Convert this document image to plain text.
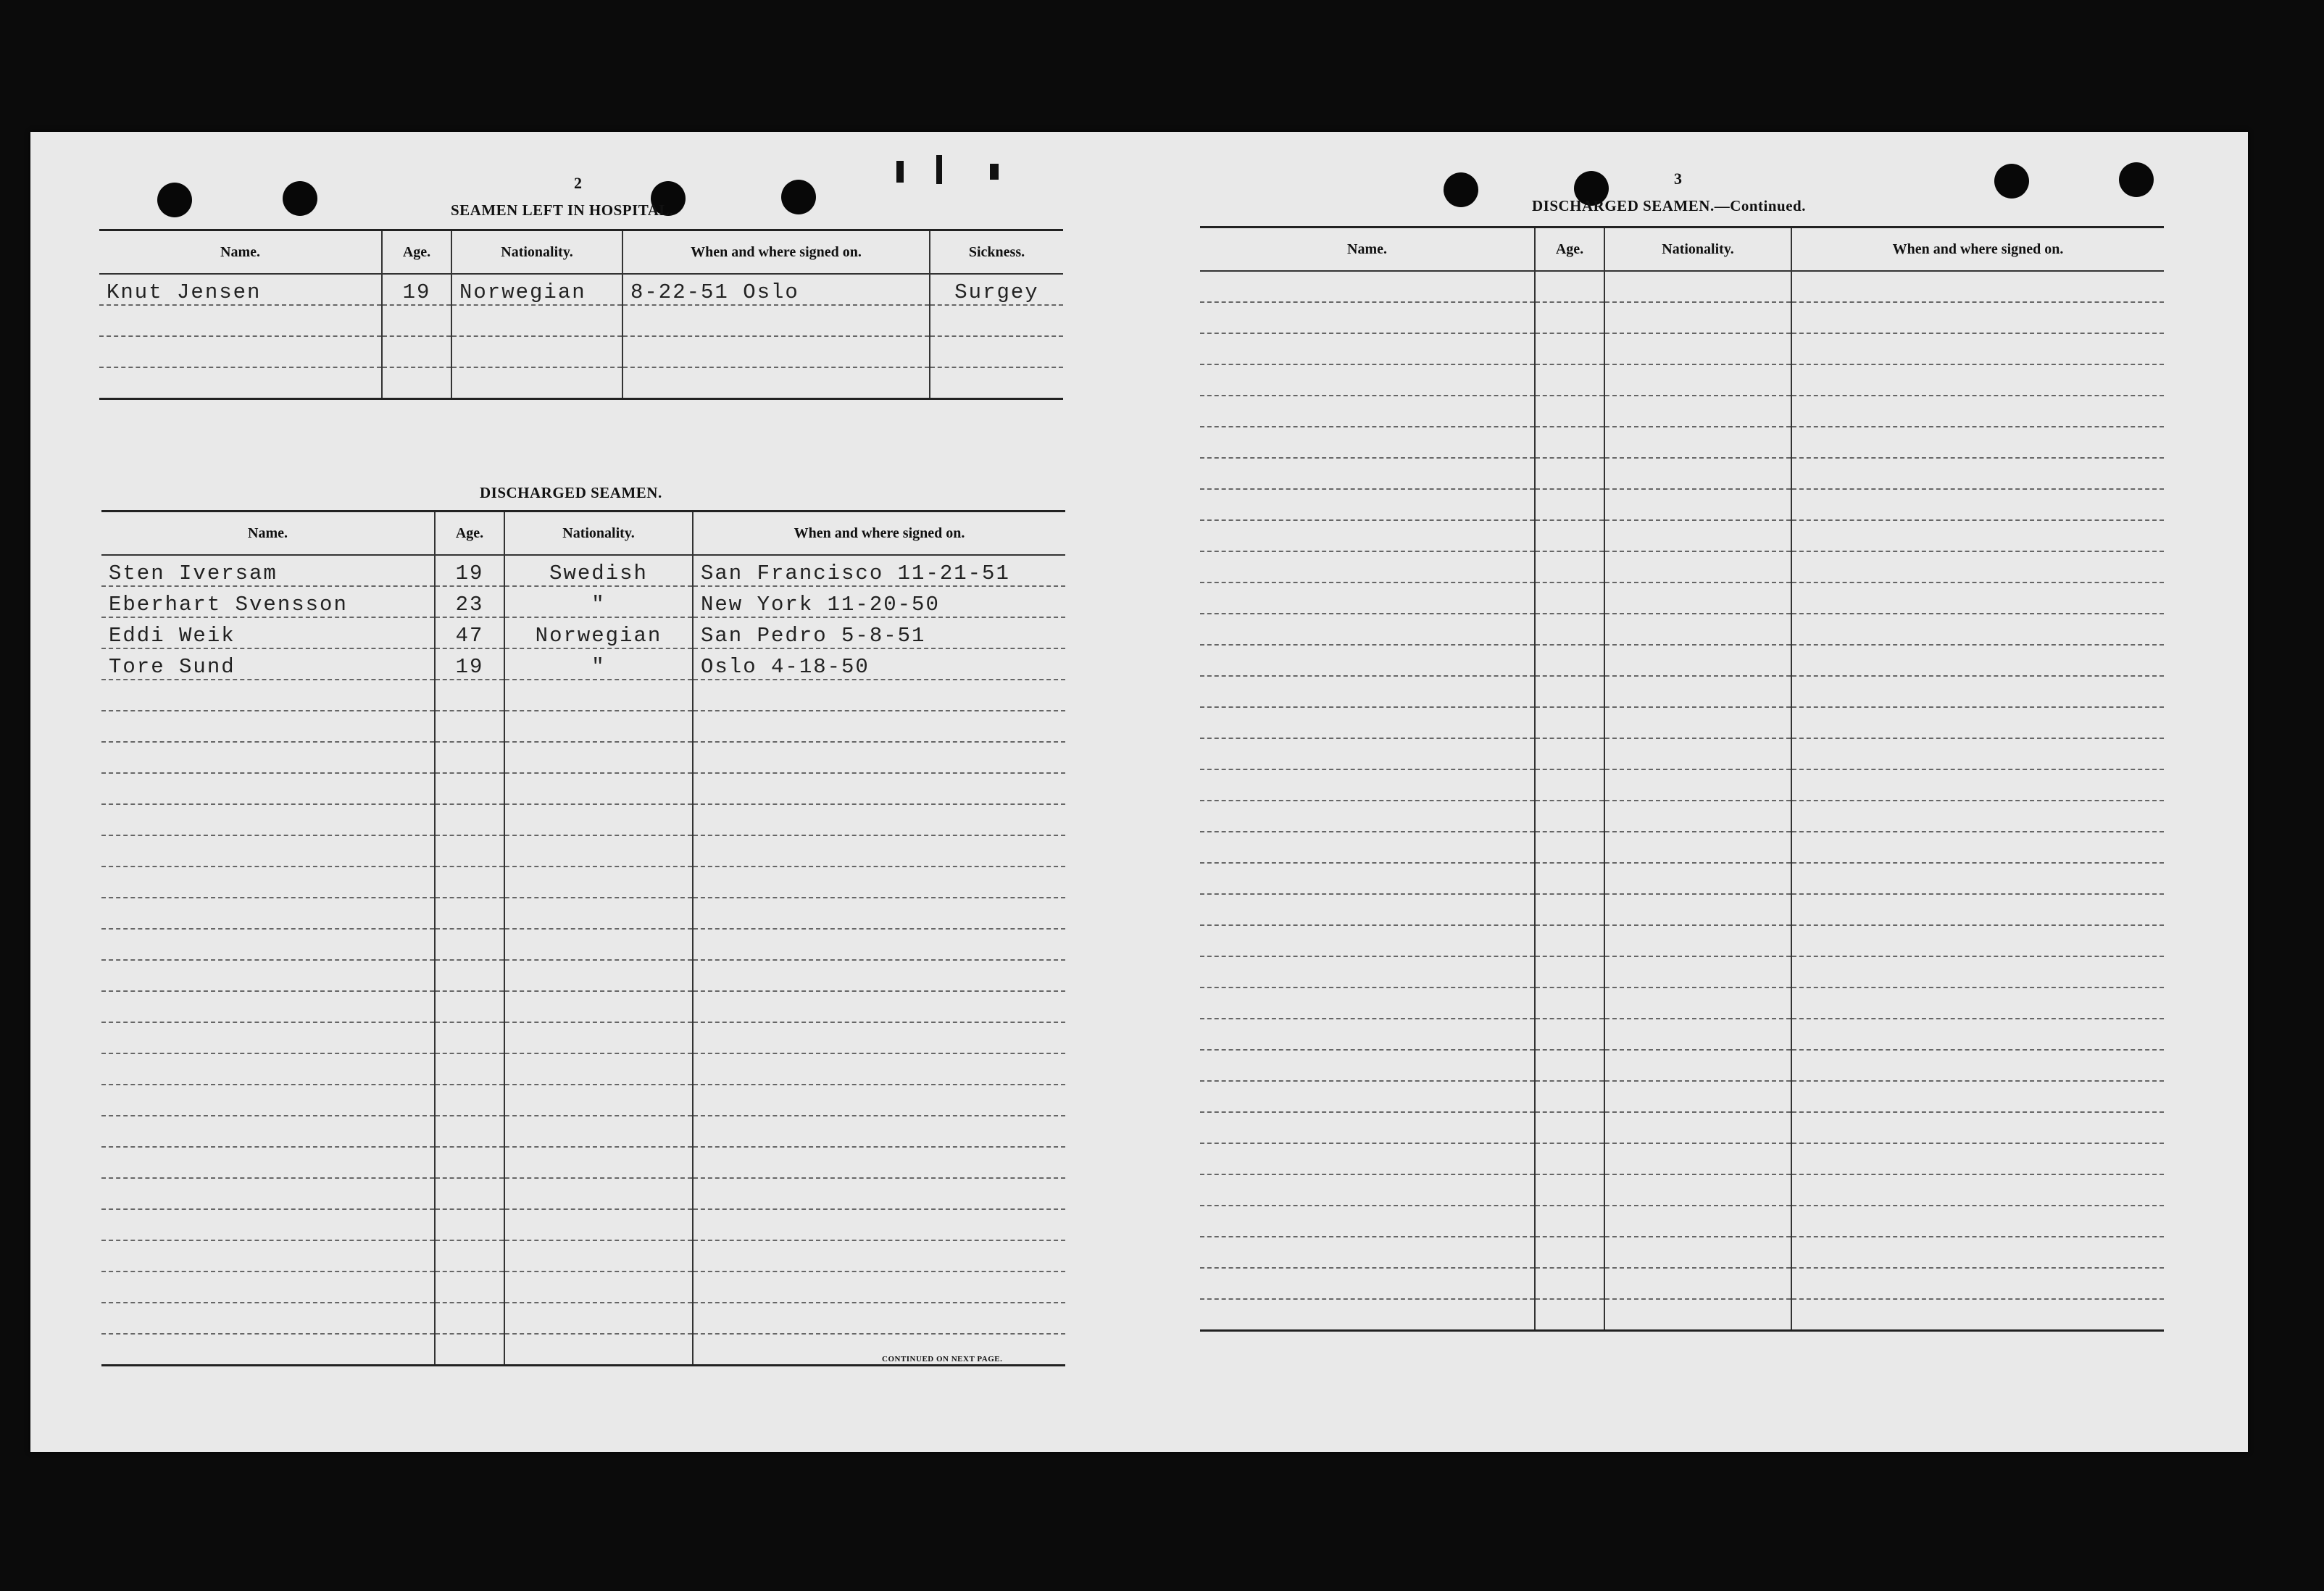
2
SEAMEN LEFT IN HOSPITAL.
Name.	Age.	Nationality.	When and where signed on.	Sickness.
Knut Jensen	19	Norwegian	8-22-51 Oslo	Surgey

DISCHARGED SEAMEN.
Name.	Age.	Nationality.	When and where signed on.
Sten Iversam	19	Swedish	San Francisco 11-21-51
Eberhart Svensson	23	"	New York 11-20-50
Eddi Weik	47	Norwegian	San Pedro 5-8-51
Tore Sund	19	"	Oslo 4-18-50

CONTINUED ON NEXT PAGE.
3
DISCHARGED SEAMEN.—Continued.
Name.	Age.	Nationality.	When and where signed on.
